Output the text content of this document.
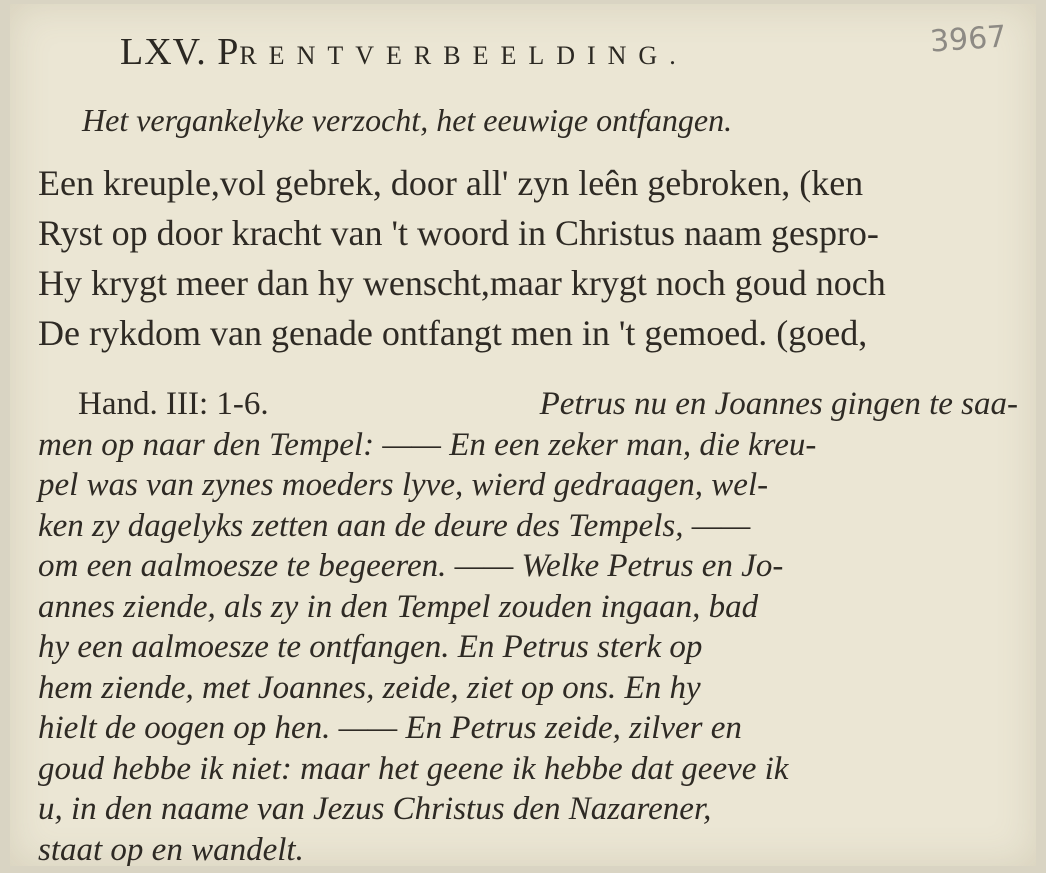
LXV. PRENTVERBEELDING.	3967
Het vergankelyke verzocht, het eeuwige ontfangen.
Een kreuple,vol gebrek, door all' zyn leên gebroken, (ken
Ryst op door kracht van 't woord in Christus naam gespro-
Hy krygt meer dan hy wenscht,maar krygt noch goud noch
De rykdom van genade ontfangt men in 't gemoed. (goed,
Hand. III: 1-6.
	Petrus nu en Joannes gingen te saa-
men op naar den Tempel: —— En een zeker man, die kreu-
pel was van zynes moeders lyve, wierd gedraagen, wel-
ken zy dagelyks zetten aan de deure des Tempels, ——
om een aalmoesze te begeeren. —— Welke Petrus en Jo-
annes ziende, als zy in den Tempel zouden ingaan, bad
hy een aalmoesze te ontfangen. En Petrus sterk op
hem ziende, met Joannes, zeide, ziet op ons. En hy
hielt de oogen op hen. —— En Petrus zeide, zilver en
goud hebbe ik niet: maar het geene ik hebbe dat geeve ik
u, in den naame van Jezus Christus den Nazarener,
staat op en wandelt.
